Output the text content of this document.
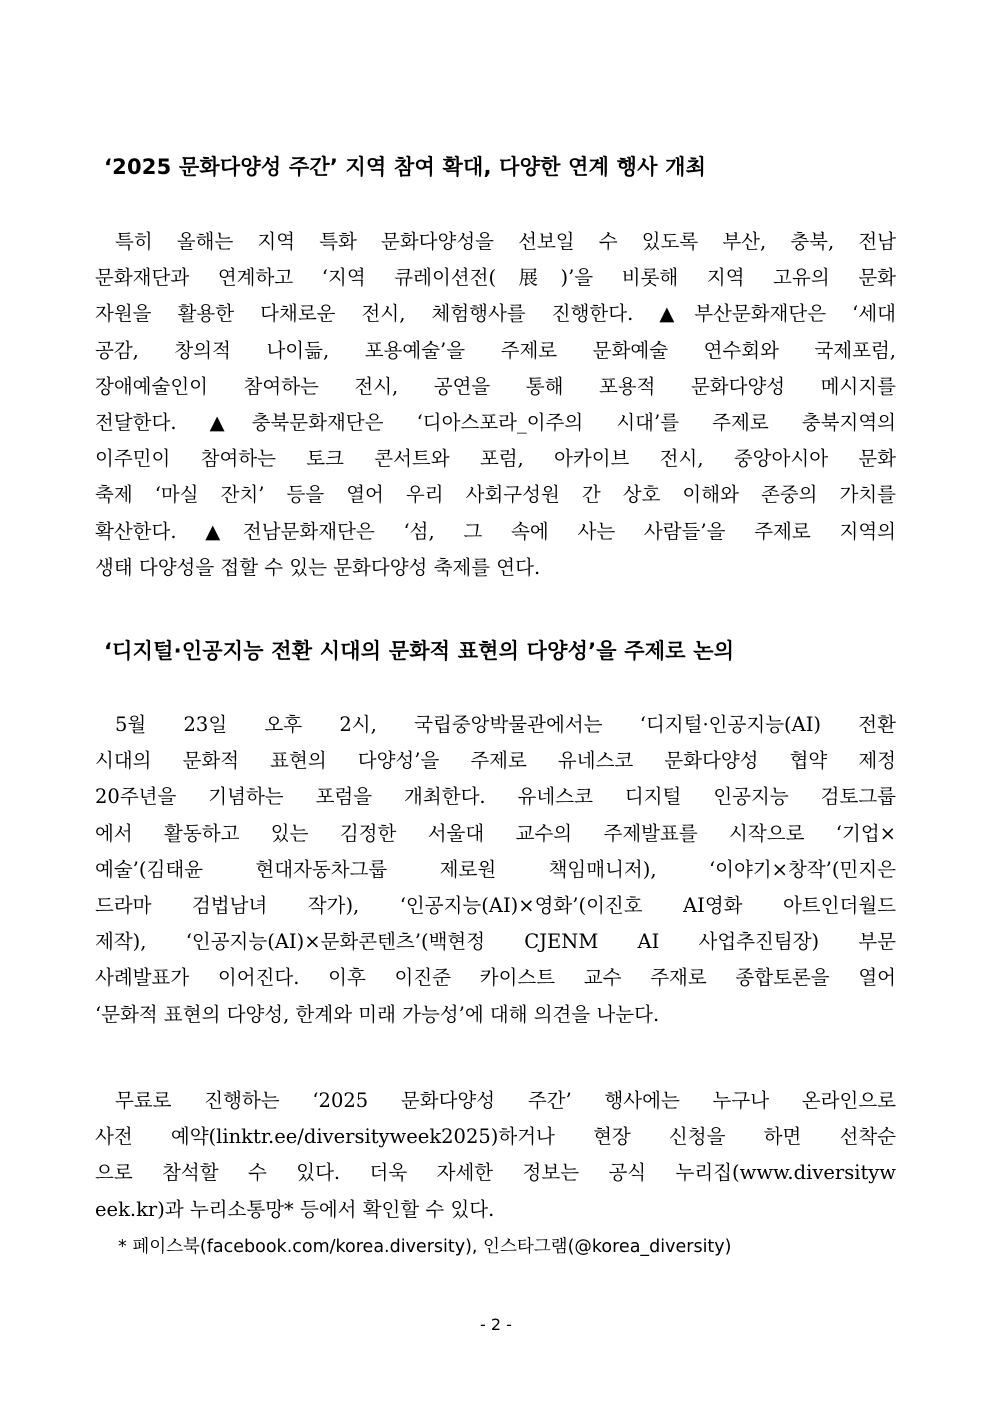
‘2025 문화다양성 주간’ 지역 참여 확대, 다양한 연계 행사 개최
특히 올해는 지역 특화 문화다양성을 선보일 수 있도록 부산, 충북, 전남
문화재단과 연계하고 ‘지역 큐레이션전(展)’을 비롯해 지역 고유의 문화
자원을 활용한 다채로운 전시, 체험행사를 진행한다. ▲부산문화재단은 ‘세대
공감, 창의적 나이듦, 포용예술’을 주제로 문화예술 연수회와 국제포럼,
장애예술인이 참여하는 전시, 공연을 통해 포용적 문화다양성 메시지를
전달한다. ▲충북문화재단은 ‘디아스포라_이주의 시대’를 주제로 충북지역의
이주민이 참여하는 토크 콘서트와 포럼, 아카이브 전시, 중앙아시아 문화
축제 ‘마실 잔치’ 등을 열어 우리 사회구성원 간 상호 이해와 존중의 가치를
확산한다. ▲전남문화재단은 ‘섬, 그 속에 사는 사람들’을 주제로 지역의
생태 다양성을 접할 수 있는 문화다양성 축제를 연다.
‘디지털·인공지능 전환 시대의 문화적 표현의 다양성’을 주제로 논의
5월 23일 오후 2시, 국립중앙박물관에서는 ‘디지털·인공지능(AI) 전환
시대의 문화적 표현의 다양성’을 주제로 유네스코 문화다양성 협약 제정
20주년을 기념하는 포럼을 개최한다. 유네스코 디지털 인공지능 검토그룹
에서 활동하고 있는 김정한 서울대 교수의 주제발표를 시작으로 ‘기업×
예술’(김태윤 현대자동차그룹 제로원 책임매니저), ‘이야기×창작’(민지은
드라마 검법남녀 작가), ‘인공지능(AI)×영화’(이진호 AI영화 아트인더월드
제작), ‘인공지능(AI)×문화콘텐츠’(백현정 CJENM AI 사업추진팀장) 부문
사례발표가 이어진다. 이후 이진준 카이스트 교수 주재로 종합토론을 열어
‘문화적 표현의 다양성, 한계와 미래 가능성’에 대해 의견을 나눈다.
무료로 진행하는 ‘2025 문화다양성 주간’ 행사에는 누구나 온라인으로
사전 예약(linktr.ee/diversityweek2025)하거나 현장 신청을 하면 선착순
으로 참석할 수 있다. 더욱 자세한 정보는 공식 누리집(www.diversityw
eek.kr)과 누리소통망* 등에서 확인할 수 있다.
* 페이스북(facebook.com/korea.diversity), 인스타그램(@korea_diversity)
- 2 -
